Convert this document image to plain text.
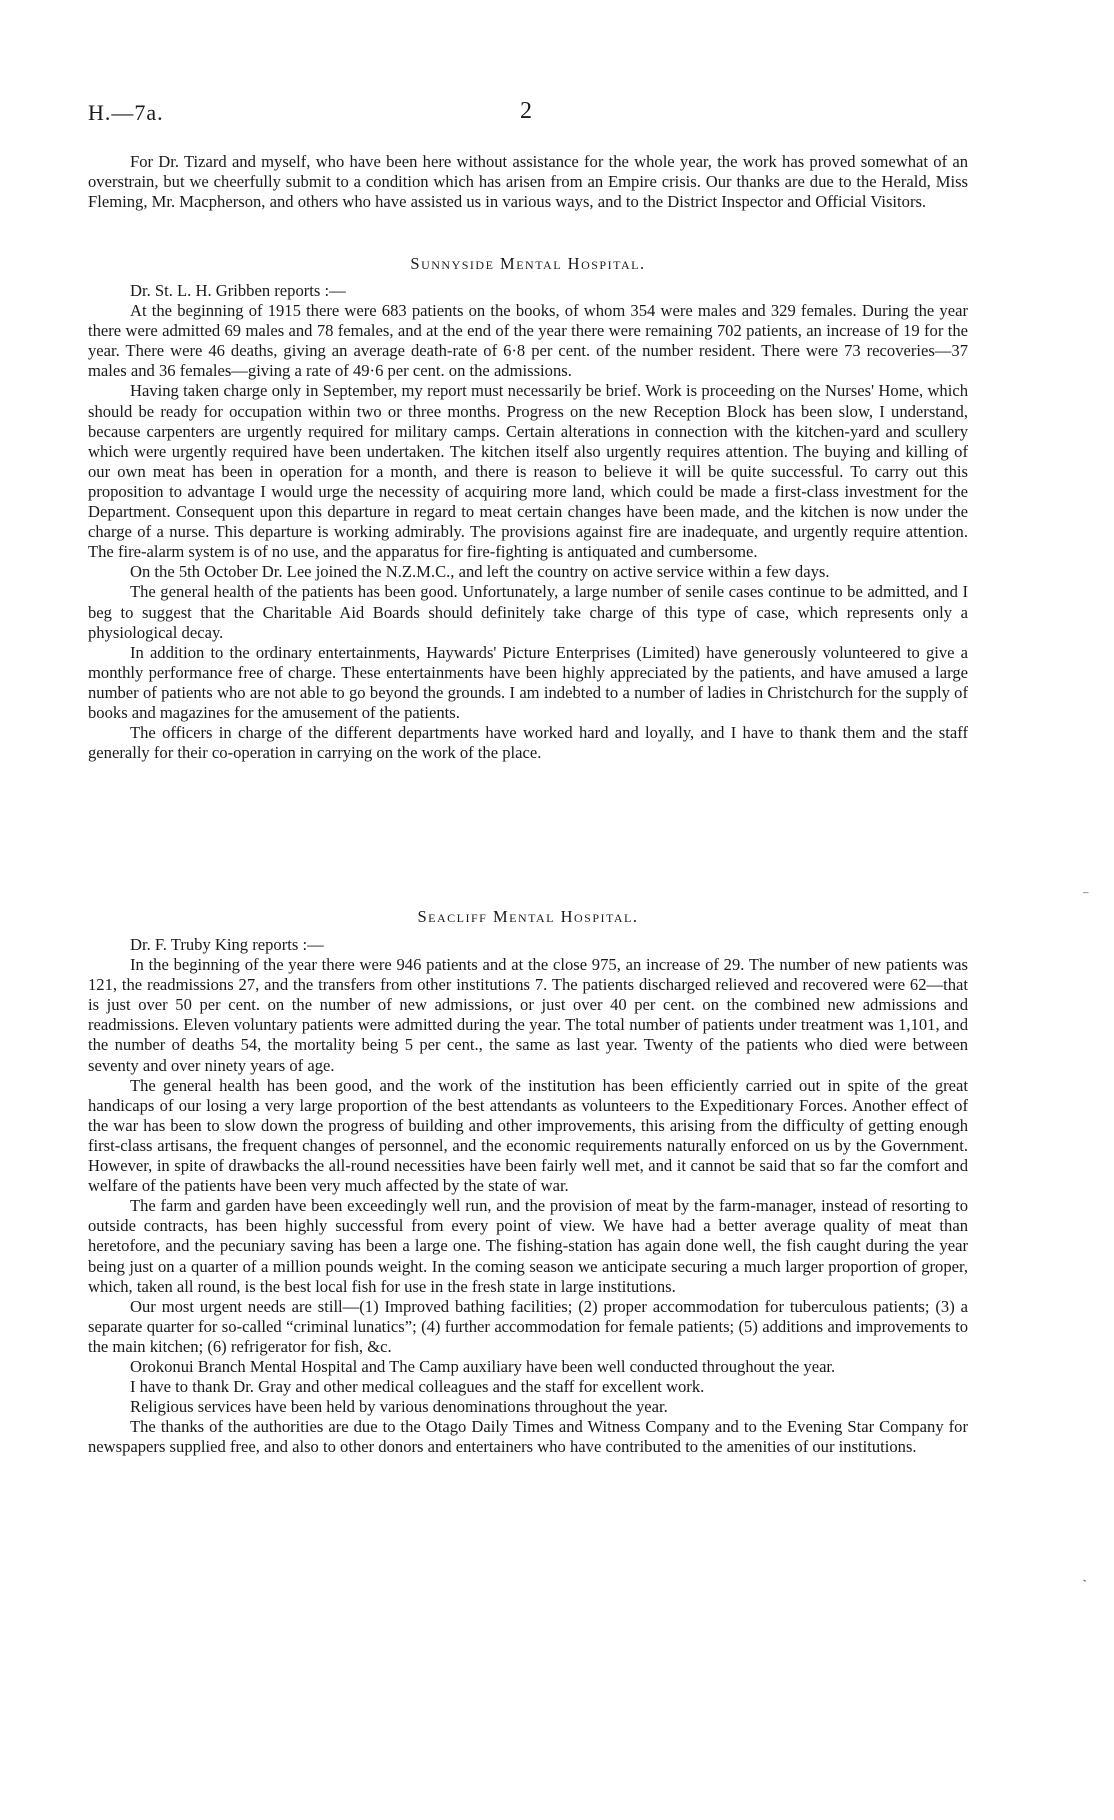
H.—7a.	2

For Dr. Tizard and myself, who have been here without assistance for the whole year, the work has proved somewhat of an overstrain, but we cheerfully submit to a condition which has arisen from an Empire crisis. Our thanks are due to the Herald, Miss Fleming, Mr. Macpherson, and others who have assisted us in various ways, and to the District Inspector and Official Visitors.

Sunnyside Mental Hospital.

Dr. St. L. H. Gribben reports :—

At the beginning of 1915 there were 683 patients on the books, of whom 354 were males and 329 females. During the year there were admitted 69 males and 78 females, and at the end of the year there were remaining 702 patients, an increase of 19 for the year. There were 46 deaths, giving an average death-rate of 6·8 per cent. of the number resident. There were 73 recoveries—37 males and 36 females—giving a rate of 49·6 per cent. on the admissions.

Having taken charge only in September, my report must necessarily be brief. Work is proceeding on the Nurses' Home, which should be ready for occupation within two or three months. Progress on the new Reception Block has been slow, I understand, because carpenters are urgently required for military camps. Certain alterations in connection with the kitchen-yard and scullery which were urgently required have been undertaken. The kitchen itself also urgently requires attention. The buying and killing of our own meat has been in operation for a month, and there is reason to believe it will be quite successful. To carry out this proposition to advantage I would urge the necessity of acquiring more land, which could be made a first-class investment for the Department. Consequent upon this departure in regard to meat certain changes have been made, and the kitchen is now under the charge of a nurse. This departure is working admirably. The provisions against fire are inadequate, and urgently require attention. The fire-alarm system is of no use, and the apparatus for fire-fighting is antiquated and cumbersome.

On the 5th October Dr. Lee joined the N.Z.M.C., and left the country on active service within a few days.

The general health of the patients has been good. Unfortunately, a large number of senile cases continue to be admitted, and I beg to suggest that the Charitable Aid Boards should definitely take charge of this type of case, which represents only a physiological decay.

In addition to the ordinary entertainments, Haywards' Picture Enterprises (Limited) have generously volunteered to give a monthly performance free of charge. These entertainments have been highly appreciated by the patients, and have amused a large number of patients who are not able to go beyond the grounds. I am indebted to a number of ladies in Christchurch for the supply of books and magazines for the amusement of the patients.

The officers in charge of the different departments have worked hard and loyally, and I have to thank them and the staff generally for their co-operation in carrying on the work of the place.

Seacliff Mental Hospital.

Dr. F. Truby King reports :—

In the beginning of the year there were 946 patients and at the close 975, an increase of 29. The number of new patients was 121, the readmissions 27, and the transfers from other institutions 7. The patients discharged relieved and recovered were 62—that is just over 50 per cent. on the number of new admissions, or just over 40 per cent. on the combined new admissions and readmissions. Eleven voluntary patients were admitted during the year. The total number of patients under treatment was 1,101, and the number of deaths 54, the mortality being 5 per cent., the same as last year. Twenty of the patients who died were between seventy and over ninety years of age.

The general health has been good, and the work of the institution has been efficiently carried out in spite of the great handicaps of our losing a very large proportion of the best attendants as volunteers to the Expeditionary Forces. Another effect of the war has been to slow down the progress of building and other improvements, this arising from the difficulty of getting enough first-class artisans, the frequent changes of personnel, and the economic requirements naturally enforced on us by the Government. However, in spite of drawbacks the all-round necessities have been fairly well met, and it cannot be said that so far the comfort and welfare of the patients have been very much affected by the state of war.

The farm and garden have been exceedingly well run, and the provision of meat by the farm-manager, instead of resorting to outside contracts, has been highly successful from every point of view. We have had a better average quality of meat than heretofore, and the pecuniary saving has been a large one. The fishing-station has again done well, the fish caught during the year being just on a quarter of a million pounds weight. In the coming season we anticipate securing a much larger proportion of groper, which, taken all round, is the best local fish for use in the fresh state in large institutions.

Our most urgent needs are still—(1) Improved bathing facilities; (2) proper accommodation for tuberculous patients; (3) a separate quarter for so-called “criminal lunatics”; (4) further accommodation for female patients; (5) additions and improvements to the main kitchen; (6) refrigerator for fish, &c.

Orokonui Branch Mental Hospital and The Camp auxiliary have been well conducted throughout the year.

I have to thank Dr. Gray and other medical colleagues and the staff for excellent work.

Religious services have been held by various denominations throughout the year.

The thanks of the authorities are due to the Otago Daily Times and Witness Company and to the Evening Star Company for newspapers supplied free, and also to other donors and entertainers who have contributed to the amenities of our institutions.

⁻
˺
